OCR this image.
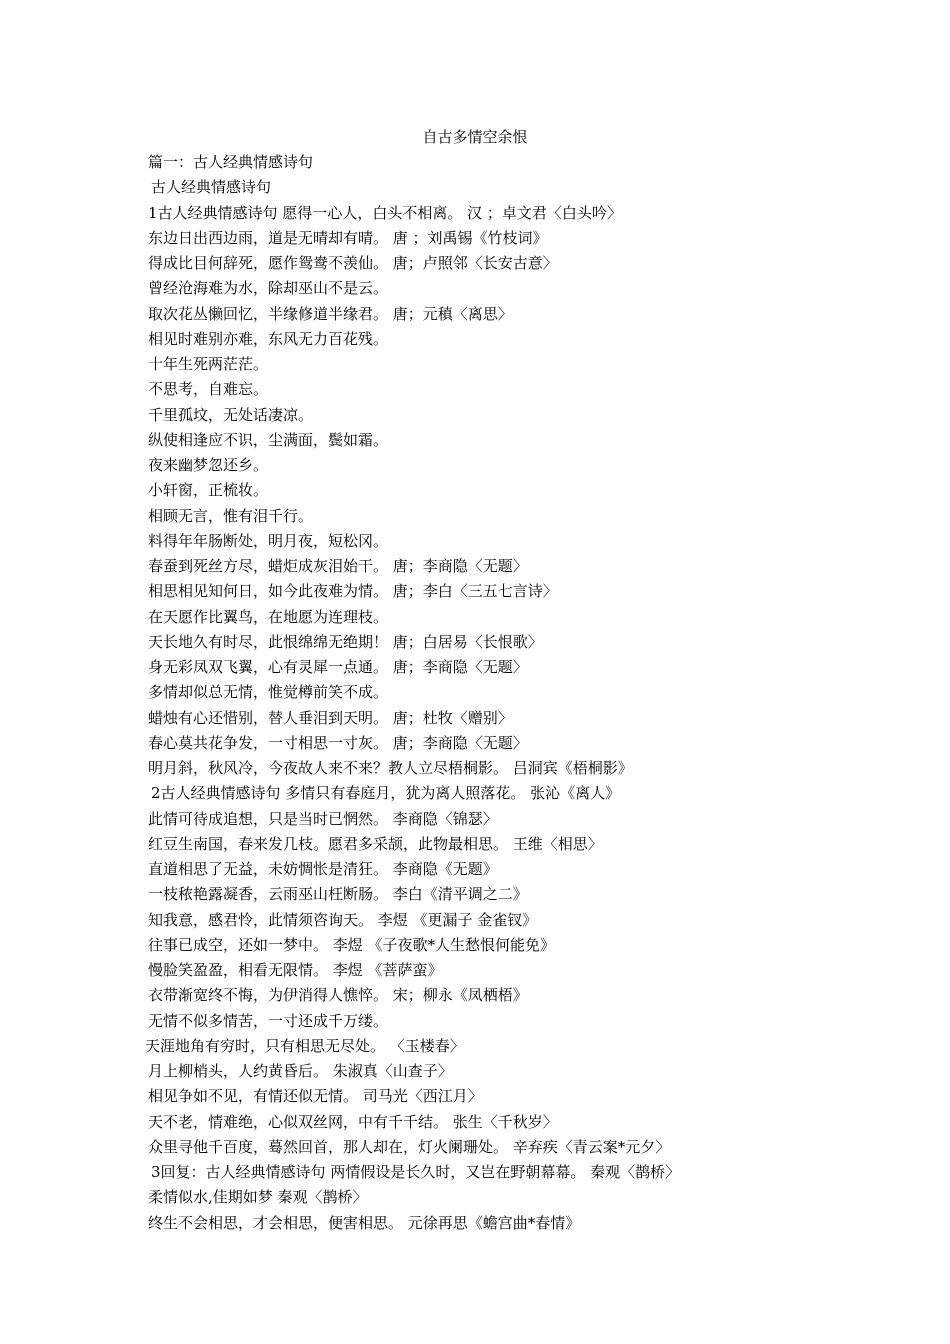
自古多情空余恨
篇一：古人经典情感诗句
古人经典情感诗句
1古人经典情感诗句 愿得一心人，白头不相离。 汉 ；卓文君〈白头吟〉
东边日出西边雨，道是无晴却有晴。 唐 ；刘禹锡《竹枝词》
得成比目何辞死，愿作鸳鸯不羡仙。 唐；卢照邻〈长安古意〉
曾经沧海难为水，除却巫山不是云。
取次花丛懒回忆，半缘修道半缘君。 唐；元稹〈离思〉
相见时难别亦难，东风无力百花残。
十年生死两茫茫。
不思考，自难忘。
千里孤坟，无处话凄凉。
纵使相逢应不识，尘满面，鬓如霜。
夜来幽梦忽还乡。
小轩窗，正梳妆。
相顾无言，惟有泪千行。
料得年年肠断处，明月夜，短松冈。
春蚕到死丝方尽，蜡炬成灰泪始干。 唐；李商隐〈无题〉
相思相见知何日，如今此夜难为情。 唐；李白〈三五七言诗〉
在天愿作比翼鸟，在地愿为连理枝。
天长地久有时尽，此恨绵绵无绝期！ 唐；白居易〈长恨歌〉
身无彩凤双飞翼，心有灵犀一点通。 唐；李商隐〈无题〉
多情却似总无情，惟觉樽前笑不成。
蜡烛有心还惜别，替人垂泪到天明。 唐；杜牧〈赠别〉
春心莫共花争发，一寸相思一寸灰。 唐；李商隐〈无题〉
明月斜，秋风冷，今夜故人来不来？教人立尽梧桐影。 吕洞宾《梧桐影》
2古人经典情感诗句 多情只有春庭月，犹为离人照落花。 张沁《离人》
此情可待成追想，只是当时已惘然。 李商隐〈锦瑟〉
红豆生南国，春来发几枝。愿君多采颉，此物最相思。 王维〈相思〉
直道相思了无益，未妨惆怅是清狂。 李商隐《无题》
一枝秾艳露凝香，云雨巫山枉断肠。 李白《清平调之二》
知我意，感君怜，此情须咨询天。 李煜 《更漏子 金雀钗》
往事已成空，还如一梦中。 李煜 《子夜歌*人生愁恨何能免》
慢脸笑盈盈，相看无限情。 李煜 《菩萨蛮》
衣带渐宽终不悔，为伊消得人憔悴。 宋；柳永《凤栖梧》
无情不似多情苦，一寸还成千万缕。
天涯地角有穷时，只有相思无尽处。 〈玉楼春〉
月上柳梢头，人约黄昏后。 朱淑真〈山查子〉
相见争如不见，有情还似无情。 司马光〈西江月〉
天不老，情难绝，心似双丝网，中有千千结。 张生〈千秋岁〉
众里寻他千百度，蓦然回首，那人却在，灯火阑珊处。 辛弃疾〈青云案*元夕〉
3回复：古人经典情感诗句 两情假设是长久时，又岂在野朝幕幕。 秦观〈鹊桥〉
柔情似水,佳期如梦 秦观〈鹊桥〉
终生不会相思，才会相思，便害相思。 元徐再思《蟾宫曲*春情》
